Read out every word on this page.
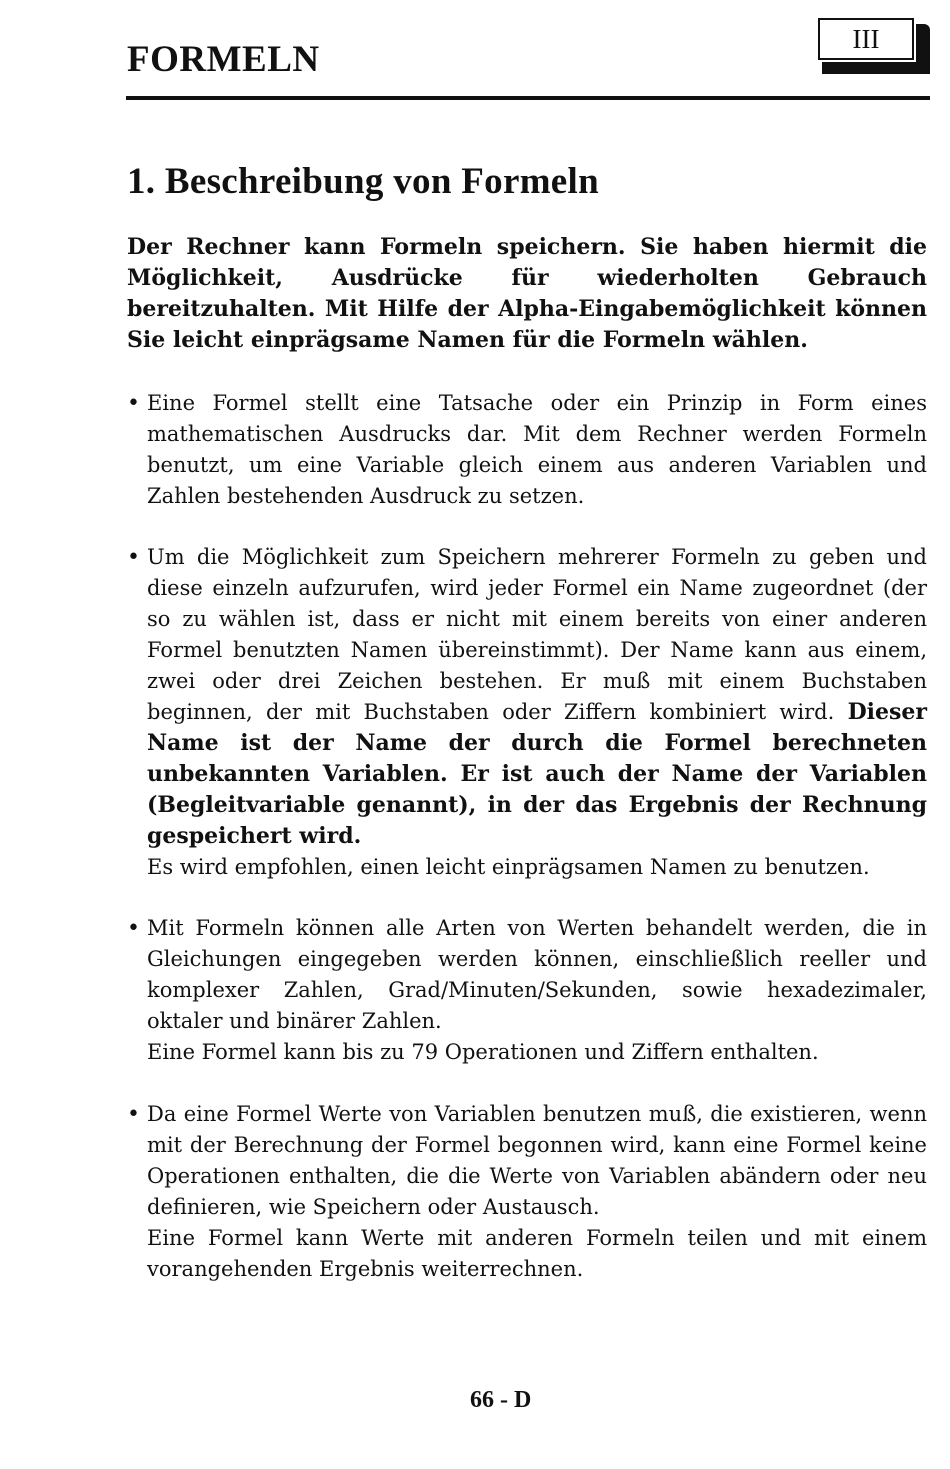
FORMELN	III
1. Beschreibung von Formeln

Der Rechner kann Formeln speichern. Sie haben hiermit die Möglichkeit, Ausdrücke für wiederholten Gebrauch bereitzuhalten. Mit Hilfe der Alpha-Eingabemöglichkeit können Sie leicht einprägsame Namen für die Formeln wählen.

• Eine Formel stellt eine Tatsache oder ein Prinzip in Form eines mathematischen Ausdrucks dar. Mit dem Rechner werden Formeln benutzt, um eine Variable gleich einem aus anderen Variablen und Zahlen bestehenden Ausdruck zu setzen.
• Um die Möglichkeit zum Speichern mehrerer Formeln zu geben und diese einzeln aufzurufen, wird jeder Formel ein Name zugeordnet (der so zu wählen ist, dass er nicht mit einem bereits von einer anderen Formel benutzten Namen übereinstimmt). Der Name kann aus einem, zwei oder drei Zeichen bestehen. Er muß mit einem Buchstaben beginnen, der mit Buchstaben oder Ziffern kombiniert wird. Dieser Name ist der Name der durch die Formel berechneten unbekannten Variablen. Er ist auch der Name der Variablen (Begleitvariable genannt), in der das Ergebnis der Rechnung gespeichert wird.
Es wird empfohlen, einen leicht einprägsamen Namen zu benutzen.
• Mit Formeln können alle Arten von Werten behandelt werden, die in Gleichungen eingegeben werden können, einschließlich reeller und komplexer Zahlen, Grad/Minuten/Sekunden, sowie hexadezimaler, oktaler und binärer Zahlen.
Eine Formel kann bis zu 79 Operationen und Ziffern enthalten.
• Da eine Formel Werte von Variablen benutzen muß, die existieren, wenn mit der Berechnung der Formel begonnen wird, kann eine Formel keine Operationen enthalten, die die Werte von Variablen abändern oder neu definieren, wie Speichern oder Austausch.
Eine Formel kann Werte mit anderen Formeln teilen und mit einem vorangehenden Ergebnis weiterrechnen.
66 - D
